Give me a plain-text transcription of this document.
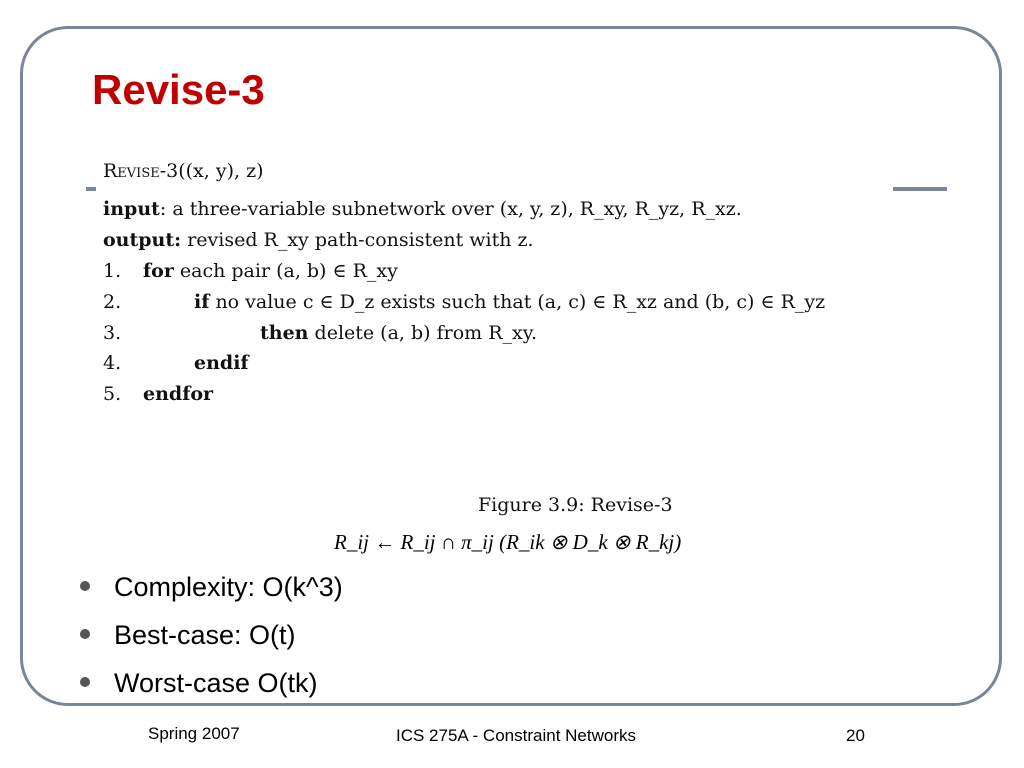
Revise-3
Revise-3((x, y), z)
input: a three-variable subnetwork over (x, y, z), R_xy, R_yz, R_xz.
output: revised R_xy path-consistent with z.
1. for each pair (a, b) ∈ R_xy
2.	if no value c ∈ D_z exists such that (a, c) ∈ R_xz and (b, c) ∈ R_yz
3.	then delete (a, b) from R_xy.
4.	endif
5. endfor
Figure 3.9: Revise-3
R_ij ← R_ij ∩ π_ij (R_ik ⊗ D_k ⊗ R_kj)
Complexity: O(k^3)
Best-case: O(t)
Worst-case O(tk)
Spring 2007	ICS 275A - Constraint Networks	20
